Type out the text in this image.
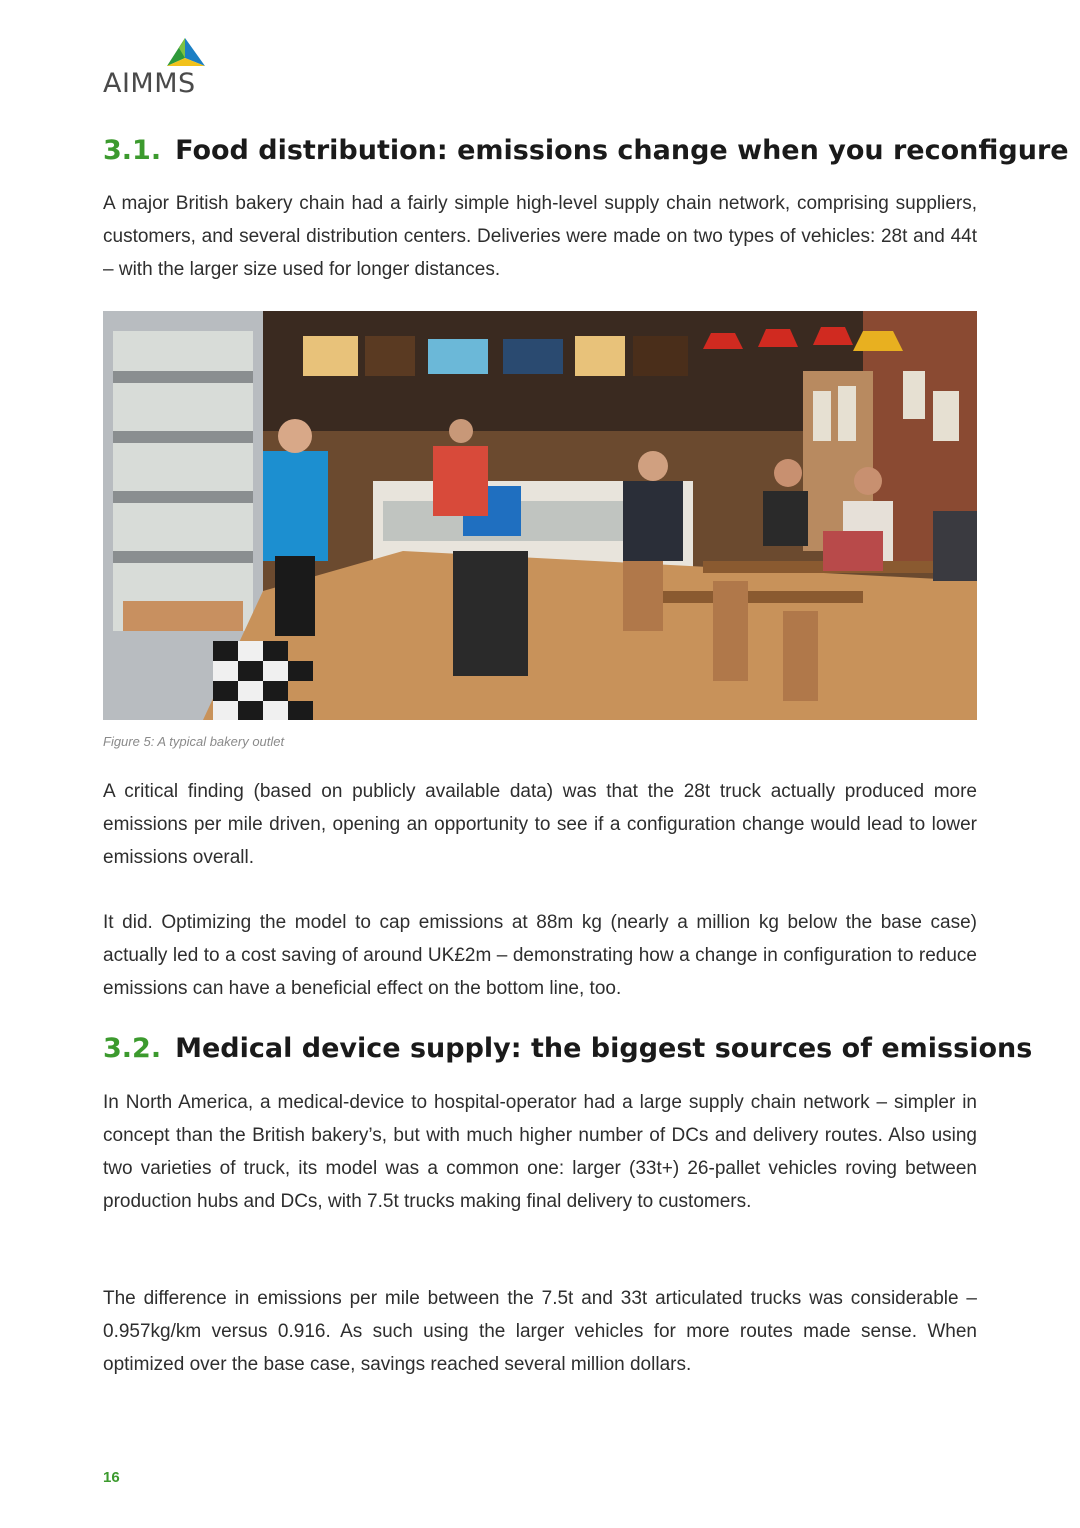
AIMMS
3.1. Food distribution: emissions change when you reconfigure

A major British bakery chain had a fairly simple high-level supply chain network, comprising suppliers, customers, and several distribution centers. Deliveries were made on two types of vehicles: 28t and 44t – with the larger size used for longer distances.

Figure 5: A typical bakery outlet

A critical finding (based on publicly available data) was that the 28t truck actually produced more emissions per mile driven, opening an opportunity to see if a configuration change would lead to lower emissions overall.

It did. Optimizing the model to cap emissions at 88m kg (nearly a million kg below the base case) actually led to a cost saving of around UK£2m – demonstrating how a change in configuration to reduce emissions can have a beneficial effect on the bottom line, too.

3.2. Medical device supply: the biggest sources of emissions

In North America, a medical-device to hospital-operator had a large supply chain network – simpler in concept than the British bakery’s, but with much higher number of DCs and delivery routes. Also using two varieties of truck, its model was a common one: larger (33t+) 26-pallet vehicles roving between production hubs and DCs, with 7.5t trucks making final delivery to customers.

The difference in emissions per mile between the 7.5t and 33t articulated trucks was considerable – 0.957kg/km versus 0.916. As such using the larger vehicles for more routes made sense. When optimized over the base case, savings reached several million dollars.

16
